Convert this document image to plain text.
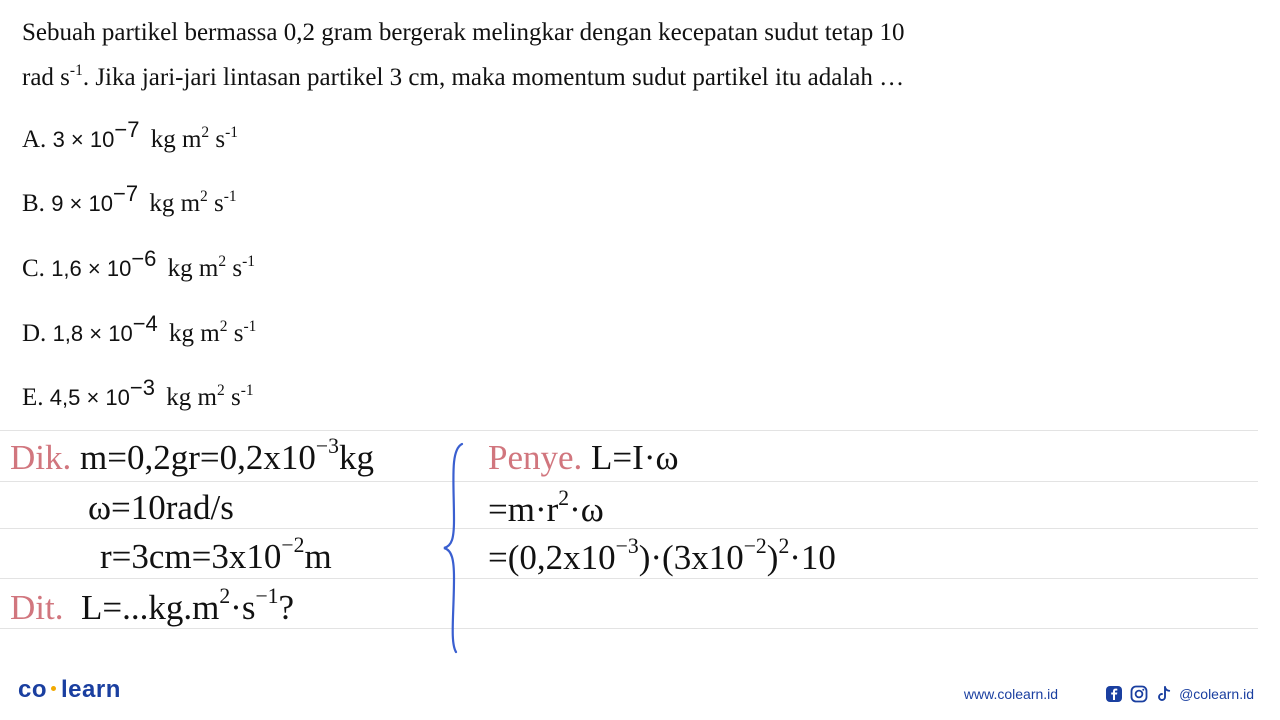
Sebuah partikel bermassa 0,2 gram bergerak melingkar dengan kecepatan sudut tetap 10
rad $s^{-1}$. Jika jari-jari lintasan partikel 3 cm, maka momentum sudut partikel itu adalah …
A. $3 \times 10^{-7}$ kg $m^2$ $s^{-1}$
B. $9 \times 10^{-7}$ kg $m^2$ $s^{-1}$
C. $1,6 \times 10^{-6}$ kg $m^2$ $s^{-1}$
D. $1,8 \times 10^{-4}$ kg $m^2$ $s^{-1}$
E. $4,5 \times 10^{-3}$ kg $m^2$ $s^{-1}$
Dik. $m=0,2gr=0,2x10^{-3}kg$
ω=10rad/s
$r=3cm=3x10^{-2}m$
Dit. $L=...kg.m^2\cdot s^{-1}$?
Penye. L=I·ω
$=m\cdot r^2\cdot\omega$
$=(0,2x10^{-3})\cdot(3x10^{-2})^2\cdot 10$
co learn	www.colearn.id	@colearn.id
